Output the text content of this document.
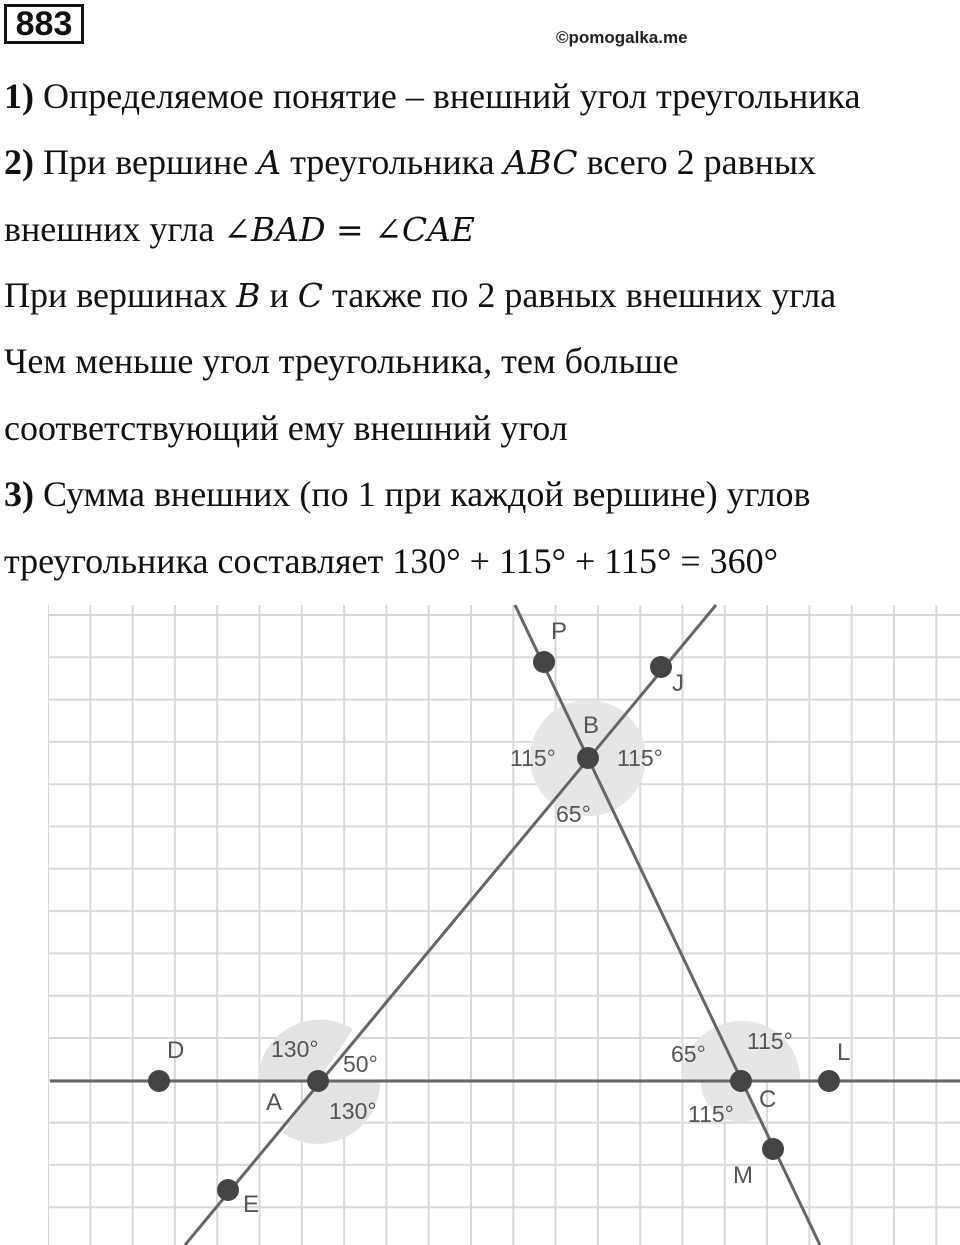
883	©pomogalka.me
1) Определяемое понятие – внешний угол треугольника
2) При вершине A треугольника ABC всего 2 равных
внешних угла ∠BAD = ∠CAE
При вершинах B и C также по 2 равных внешних угла
Чем меньше угол треугольника, тем больше
соответствующий ему внешний угол
3) Сумма внешних (по 1 при каждой вершине) углов
треугольника составляет 130° + 115° + 115° = 360°
P
J
B
D
A	C
L
E
M
115°	115°
65°
130°
50°
130°
65° 115°
115°
